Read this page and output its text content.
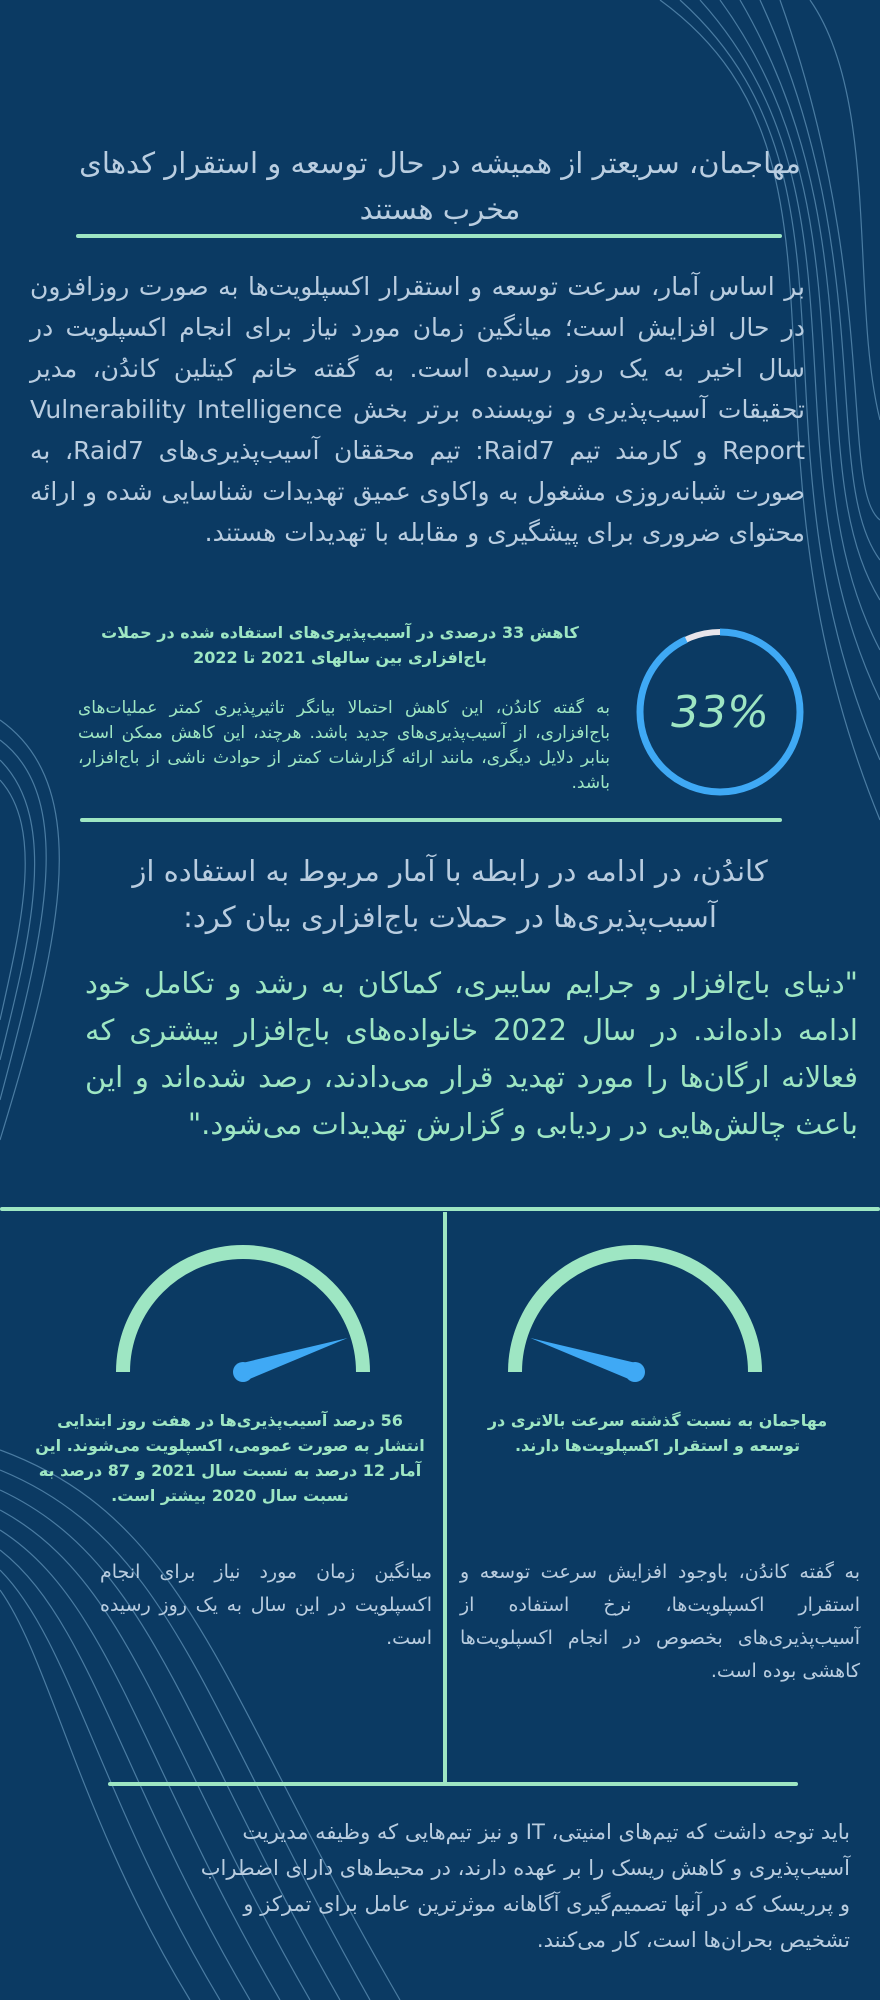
مهاجمان، سریعتر از همیشه در حال توسعه و استقرار کدهای مخرب هستند
بر اساس آمار، سرعت توسعه و استقرار اکسپلویت‌ها به صورت روزافزون در حال افزایش است؛ میانگین زمان مورد نیاز برای انجام اکسپلویت در سال اخیر به یک روز رسیده است. به گفته خانم کیتلین کاندُن، مدیر تحقیقات آسیب‌پذیری و نویسنده برتر بخش Vulnerability Intelligence Report و کارمند تیم Raid7: تیم محققان آسیب‌پذیری‌های Raid7، به صورت شبانه‌روزی مشغول به واکاوی عمیق تهدیدات شناسایی شده و ارائه محتوای ضروری برای پیشگیری و مقابله با تهدیدات هستند.
کاهش 33 درصدی در آسیب‌پذیری‌های استفاده شده در حملات باج‌افزاری بین سالهای 2021 تا 2022
به گفته کاندُن، این کاهش احتمالا بیانگر تاثیرپذیری کمتر عملیات‌های باج‌افزاری، از آسیب‌پذیری‌های جدید باشد. هرچند، این کاهش ممکن است بنابر دلایل دیگری، مانند ارائه گزارشات کمتر از حوادث ناشی از باج‌افزار، باشد.
33%
کاندُن، در ادامه در رابطه با آمار مربوط به استفاده از آسیب‌پذیری‌ها در حملات باج‌افزاری بیان کرد:
"دنیای باج‌افزار و جرایم سایبری، کماکان به رشد و تکامل خود ادامه داده‌اند. در سال 2022 خانواده‌های باج‌افزار بیشتری که فعالانه ارگان‌ها را مورد تهدید قرار می‌دادند، رصد شده‌اند و این باعث چالش‌هایی در ردیابی و گزارش تهدیدات می‌شود."
56 درصد آسیب‌پذیری‌ها در هفت روز ابتدایی انتشار به صورت عمومی، اکسپلویت می‌شوند. این آمار 12 درصد به نسبت سال 2021 و 87 درصد به نسبت سال 2020 بیشتر است.
میانگین زمان مورد نیاز برای انجام اکسپلویت در این سال به یک روز رسیده است.
مهاجمان به نسبت گذشته سرعت بالاتری در توسعه و استقرار اکسپلویت‌ها دارند.
به گفته کاندُن، باوجود افزایش سرعت توسعه و استقرار اکسپلویت‌ها، نرخ استفاده از آسیب‌پذیری‌های بخصوص در انجام اکسپلویت‌ها کاهشی بوده است.
باید توجه داشت که تیم‌های امنیتی، IT و نیز تیم‌هایی که وظیفه مدیریت آسیب‌پذیری و کاهش ریسک را بر عهده دارند، در محیط‌های دارای اضطراب و پرریسک که در آنها تصمیم‌گیری آگاهانه موثرترین عامل برای تمرکز و تشخیص بحران‌ها است، کار می‌کنند.
